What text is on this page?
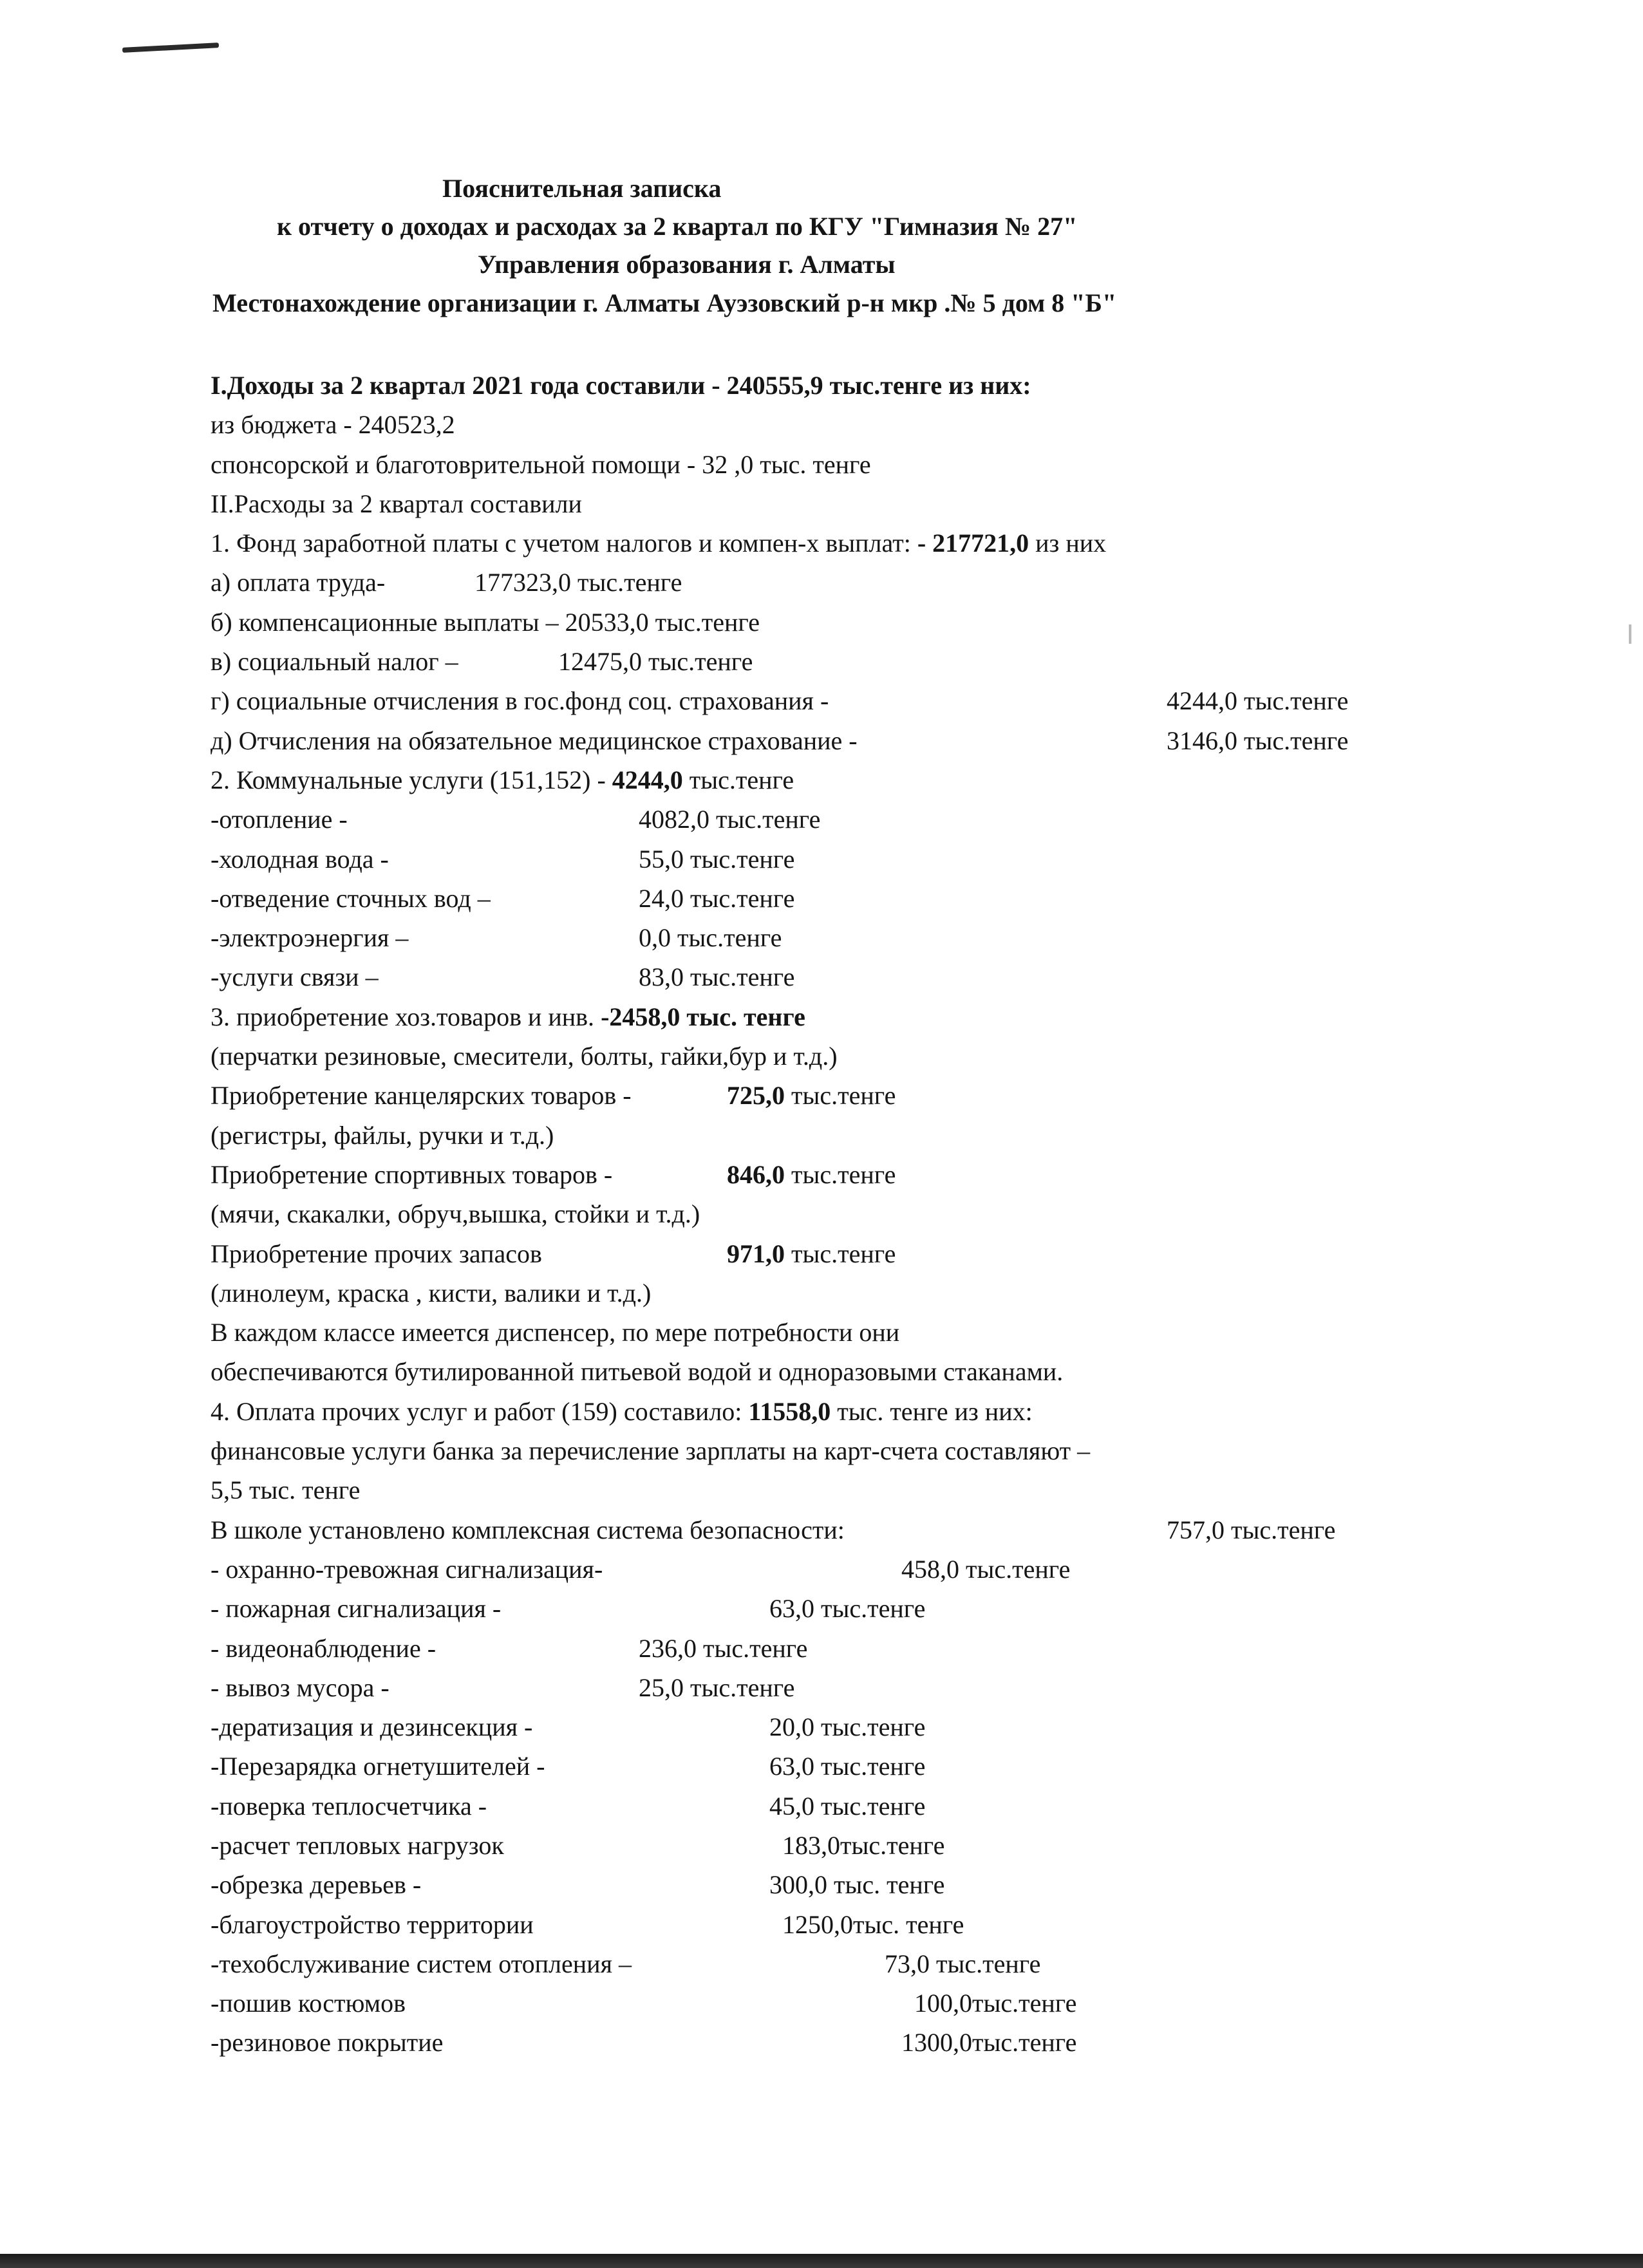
Пояснительная записка
к отчету о доходах и расходах за 2 квартал по КГУ "Гимназия № 27"
Управления образования г. Алматы
Местонахождение организации г. Алматы Ауэзовский р-н мкр .№ 5 дом 8 "Б"
I.Доходы за 2 квартал 2021 года составили - 240555,9 тыс.тенге из них:
из бюджета - 240523,2
спонсорской и благотоврительной помощи - 32 ,0 тыс. тенге
II.Расходы за 2 квартал составили
1. Фонд заработной платы с учетом налогов и компен-х выплат: - 217721,0 из них
а) оплата труда-	177323,0 тыс.тенге
б) компенсационные выплаты – 20533,0 тыс.тенге
в) социальный налог –	12475,0 тыс.тенге
г) социальные отчисления в гос.фонд соц. страхования -	4244,0 тыс.тенге
д) Отчисления на обязательное медицинское страхование -	3146,0 тыс.тенге
2. Коммунальные услуги (151,152) - 4244,0 тыс.тенге
-отопление -	4082,0 тыс.тенге
-холодная вода -	55,0 тыс.тенге
-отведение сточных вод –	24,0 тыс.тенге
-электроэнергия –	0,0 тыс.тенге
-услуги связи –	83,0 тыс.тенге
3. приобретение хоз.товаров и инв. -2458,0 тыс. тенге
(перчатки резиновые, смесители, болты, гайки,бур и т.д.)
Приобретение канцелярских товаров -	725,0 тыс.тенге
(регистры, файлы, ручки и т.д.)
Приобретение спортивных товаров -	846,0 тыс.тенге
(мячи, скакалки, обруч,вышка, стойки и т.д.)
Приобретение прочих запасов	971,0 тыс.тенге
(линолеум, краска , кисти, валики и т.д.)
В каждом классе имеется диспенсер, по мере потребности они
обеспечиваются бутилированной питьевой водой и одноразовыми стаканами.
4. Оплата прочих услуг и работ (159) составило: 11558,0 тыс. тенге из них:
финансовые услуги банка за перечисление зарплаты на карт-счета составляют –
5,5 тыс. тенге
В школе установлено комплексная система безопасности:	757,0 тыс.тенге
- охранно-тревожная сигнализация-	458,0 тыс.тенге
- пожарная сигнализация -	63,0 тыс.тенге
- видеонаблюдение -	236,0 тыс.тенге
- вывоз мусора -	25,0 тыс.тенге
-дератизация и дезинсекция -	20,0 тыс.тенге
-Перезарядка огнетушителей -	63,0 тыс.тенге
-поверка теплосчетчика -	45,0 тыс.тенге
-расчет тепловых нагрузок	183,0тыс.тенге
-обрезка деревьев -	300,0 тыс. тенге
-благоустройство территории	1250,0тыс. тенге
-техобслуживание систем отопления –	73,0 тыс.тенге
-пошив костюмов	100,0тыс.тенге
-резиновое покрытие	1300,0тыс.тенге
